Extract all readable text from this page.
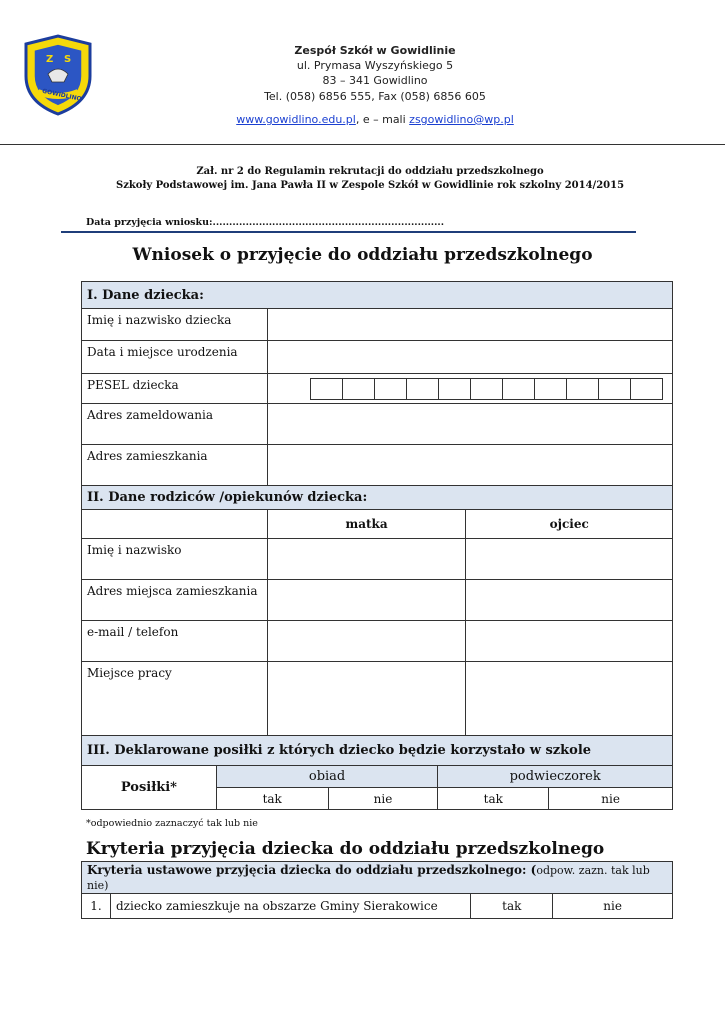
Z S
GOWIDLINO
Zespół Szkół w Gowidlinie
ul. Prymasa Wyszyńskiego 5
83 – 341 Gowidlino
Tel. (058) 6856 555, Fax (058) 6856 605
www.gowidlino.edu.pl, e – mali zsgowidlino@wp.pl
Zał. nr 2 do Regulamin rekrutacji do oddziału przedszkolnego
Szkoły Podstawowej im. Jana Pawła II w Zespole Szkół w Gowidlinie rok szkolny 2014/2015
Data przyjęcia wniosku:......................................................................
Wniosek o przyjęcie do oddziału przedszkolnego
I. Dane dziecka:		
Imię i nazwisko dziecka		
Data i miejsce urodzenia		
PESEL dziecka		
Adres zameldowania		
Adres zamieszkania		
II. Dane rodziców /opiekunów dziecka:		
	matka	ojciec
Imię i nazwisko		
Adres miejsca zamieszkania		
e-mail / telefon		
Miejsce pracy		
III. Deklarowane posiłki z których dziecko będzie korzystało w szkole				
Posiłki*	obiad		podwieczorek	
	tak	nie	tak	nie
*odpowiednio zaznaczyć tak lub nie
Kryteria przyjęcia dziecka do oddziału przedszkolnego
Kryteria ustawowe przyjęcia dziecka do oddziału przedszkolnego: (odpow. zazn. tak lub nie)
1.	dziecko zamieszkuje na obszarze Gminy Sierakowice	tak	nie
